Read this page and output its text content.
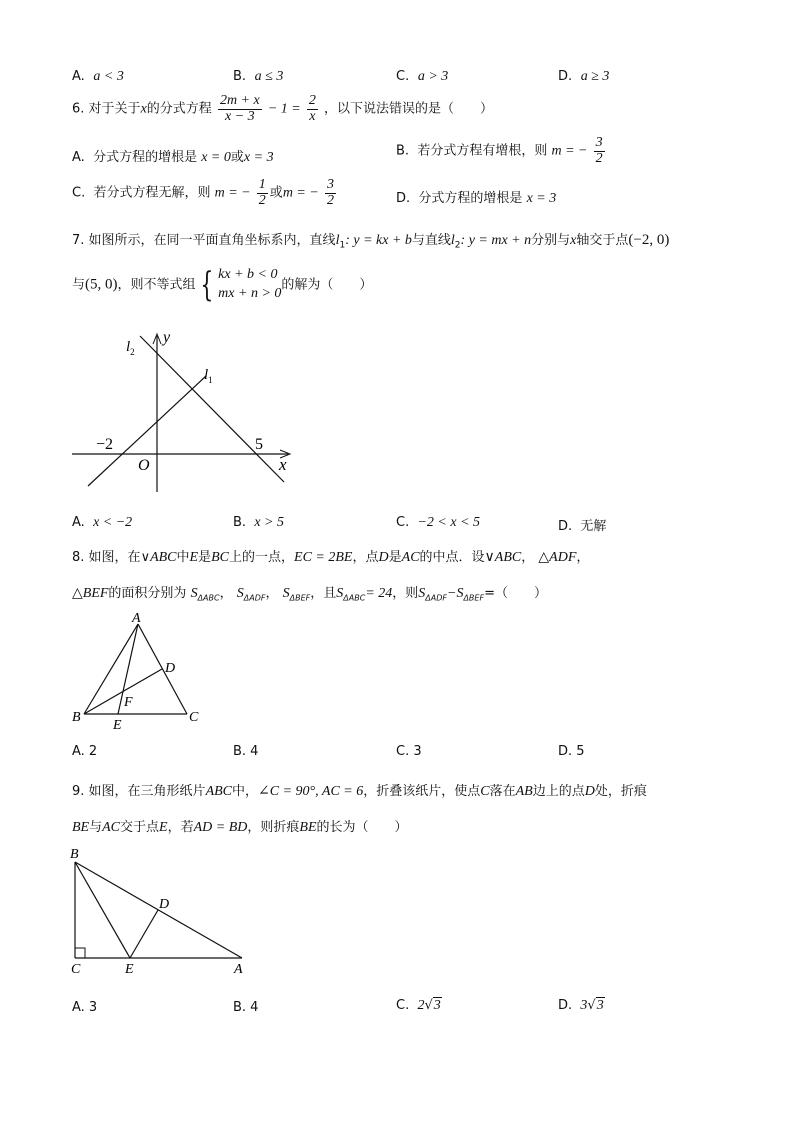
A. a < 3	B. a ≤ 3	C. a > 3	D. a ≥ 3
6. 对于关于x的分式方程 $\frac{2m + x}{x - 3} - 1 = \frac{2}{x}$ ，以下说法错误的是（　　）
A. 分式方程的增根是 x = 0或x = 3	B. 若分式方程有增根，则 m = − $\frac{3}{2}$
C. 若分式方程无解，则 m = − $\frac{1}{2}$ 或m = − $\frac{3}{2}$	D. 分式方程的增根是 x = 3
7. 如图所示，在同一平面直角坐标系内，直线$l_1$: y = kx + b与直线$l_2$: y = mx + n分别与x轴交于点(−2, 0)
与(5, 0)，则不等式组 { kx + b < 0
mx + n > 0
的解为（　　）
$l_2$
y
$l_1$
−2	5
O	x
A. x < −2	B. x > 5	C. −2 < x < 5	D. 无解
8. 如图，在∨ABC中E是BC上的一点，EC = 2BE，点D是AC的中点．设∨ABC， △ADF，
△BEF的面积分别为 $S_{\Delta ABC}$， $S_{\Delta ADF}$， $S_{\Delta BEF}$，且$S_{\Delta ABC}= 24$，则$S_{\Delta ADF}-S_{\Delta BEF}=$（　　）
A
D
F
B
E
C
A. 2	B. 4	C. 3	D. 5
9. 如图，在三角形纸片ABC中，∠C = 90°, AC = 6，折叠该纸片，使点C落在AB边上的点D处，折痕
BE与AC交于点E，若AD = BD，则折痕BE的长为（　　）
B
D
C	E	A
A. 3	B. 4	C. 2√3	D. 3√3
